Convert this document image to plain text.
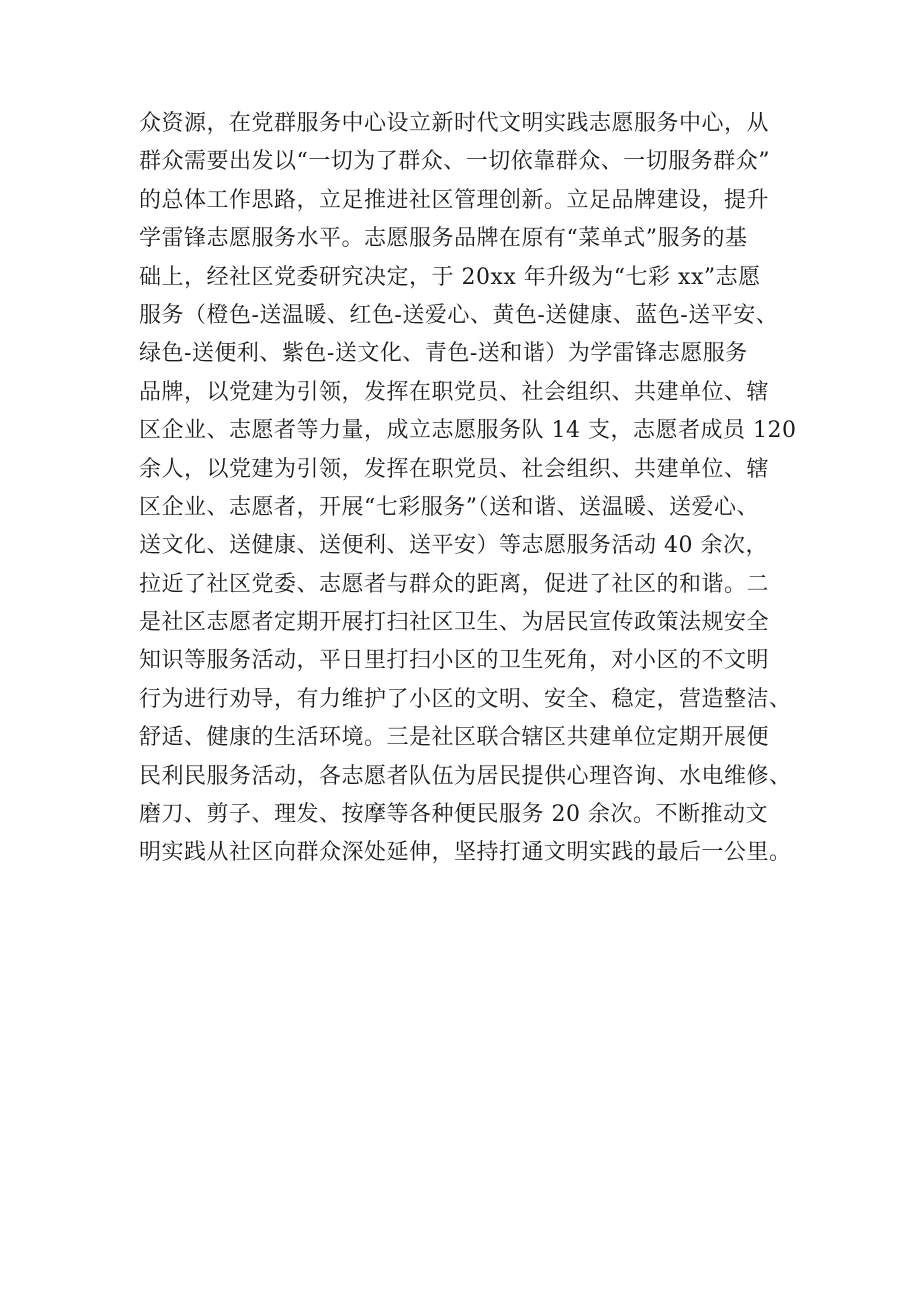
众资源，在党群服务中心设立新时代文明实践志愿服务中心，从
群众需要出发以“一切为了群众、一切依靠群众、一切服务群众”
的总体工作思路，立足推进社区管理创新。立足品牌建设，提升
学雷锋志愿服务水平。志愿服务品牌在原有“菜单式”服务的基
础上，经社区党委研究决定，于 20xx 年升级为“七彩 xx”志愿
服务（橙色-送温暖、红色-送爱心、黄色-送健康、蓝色-送平安、
绿色-送便利、紫色-送文化、青色-送和谐）为学雷锋志愿服务
品牌，以党建为引领，发挥在职党员、社会组织、共建单位、辖
区企业、志愿者等力量，成立志愿服务队 14 支，志愿者成员 120
余人，以党建为引领，发挥在职党员、社会组织、共建单位、辖
区企业、志愿者，开展“七彩服务”（送和谐、送温暖、送爱心、
送文化、送健康、送便利、送平安）等志愿服务活动 40 余次，
拉近了社区党委、志愿者与群众的距离，促进了社区的和谐。二
是社区志愿者定期开展打扫社区卫生、为居民宣传政策法规安全
知识等服务活动，平日里打扫小区的卫生死角，对小区的不文明
行为进行劝导，有力维护了小区的文明、安全、稳定，营造整洁、
舒适、健康的生活环境。三是社区联合辖区共建单位定期开展便
民利民服务活动，各志愿者队伍为居民提供心理咨询、水电维修、
磨刀、剪子、理发、按摩等各种便民服务 20 余次。不断推动文
明实践从社区向群众深处延伸，坚持打通文明实践的最后一公里。
